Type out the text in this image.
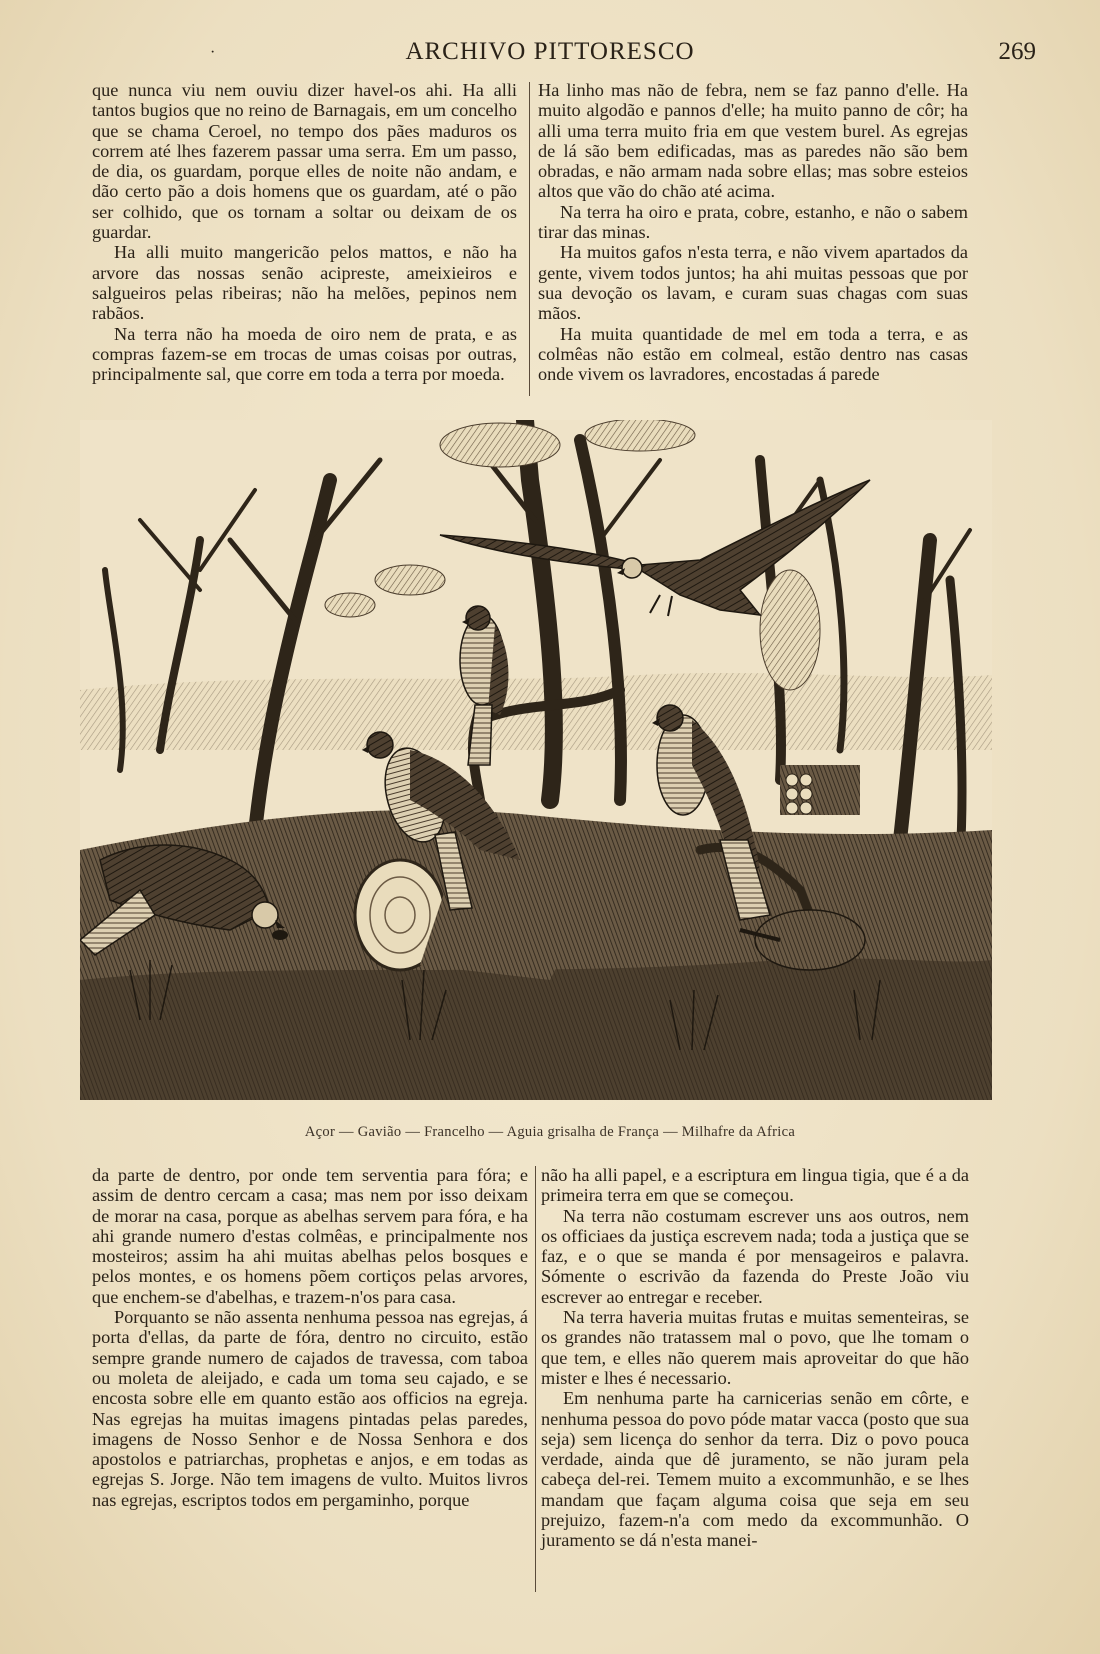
·	ARCHIVO PITTORESCO	269

que nunca viu nem ouviu dizer havel-os ahi. Ha alli tantos bugios que no reino de Barnagais, em um concelho que se chama Ceroel, no tempo dos pães maduros os correm até lhes fazerem passar uma serra. Em um passo, de dia, os guardam, porque elles de noite não andam, e dão certo pão a dois homens que os guardam, até o pão ser colhido, que os tornam a soltar ou deixam de os guardar.

Ha alli muito mangericão pelos mattos, e não ha arvore das nossas senão acipreste, ameixieiros e salgueiros pelas ribeiras; não ha melões, pepinos nem rabãos.

Na terra não ha moeda de oiro nem de prata, e as compras fazem-se em trocas de umas coisas por outras, principalmente sal, que corre em toda a terra por moeda.

Ha linho mas não de febra, nem se faz panno d'elle. Ha muito algodão e pannos d'elle; ha muito panno de côr; ha alli uma terra muito fria em que vestem burel. As egrejas de lá são bem edificadas, mas as paredes não são bem obradas, e não armam nada sobre ellas; mas sobre esteios altos que vão do chão até acima.

Na terra ha oiro e prata, cobre, estanho, e não o sabem tirar das minas.

Ha muitos gafos n'esta terra, e não vivem apartados da gente, vivem todos juntos; ha ahi muitas pessoas que por sua devoção os lavam, e curam suas chagas com suas mãos.

Ha muita quantidade de mel em toda a terra, e as colmêas não estão em colmeal, estão dentro nas casas onde vivem os lavradores, encostadas á parede

Açor — Gavião — Francelho — Aguia grisalha de França — Milhafre da Africa

da parte de dentro, por onde tem serventia para fóra; e assim de dentro cercam a casa; mas nem por isso deixam de morar na casa, porque as abelhas servem para fóra, e ha ahi grande numero d'estas colmêas, e principalmente nos mosteiros; assim ha ahi muitas abelhas pelos bosques e pelos montes, e os homens põem cortiços pelas arvores, que enchem-se d'abelhas, e trazem-n'os para casa.

Porquanto se não assenta nenhuma pessoa nas egrejas, á porta d'ellas, da parte de fóra, dentro no circuito, estão sempre grande numero de cajados de travessa, com taboa ou moleta de aleijado, e cada um toma seu cajado, e se encosta sobre elle em quanto estão aos officios na egreja. Nas egrejas ha muitas imagens pintadas pelas paredes, imagens de Nosso Senhor e de Nossa Senhora e dos apostolos e patriarchas, prophetas e anjos, e em todas as egrejas S. Jorge. Não tem imagens de vulto. Muitos livros nas egrejas, escriptos todos em pergaminho, porque

não ha alli papel, e a escriptura em lingua tigia, que é a da primeira terra em que se começou.

Na terra não costumam escrever uns aos outros, nem os officiaes da justiça escrevem nada; toda a justiça que se faz, e o que se manda é por mensageiros e palavra. Sómente o escrivão da fazenda do Preste João viu escrever ao entregar e receber.

Na terra haveria muitas frutas e muitas sementeiras, se os grandes não tratassem mal o povo, que lhe tomam o que tem, e elles não querem mais aproveitar do que hão mister e lhes é necessario.

Em nenhuma parte ha carnicerias senão em côrte, e nenhuma pessoa do povo póde matar vacca (posto que sua seja) sem licença do senhor da terra. Diz o povo pouca verdade, ainda que dê juramento, se não juram pela cabeça del-rei. Temem muito a excommunhão, e se lhes mandam que façam alguma coisa que seja em seu prejuizo, fazem-n'a com medo da excommunhão. O juramento se dá n'esta manei-
